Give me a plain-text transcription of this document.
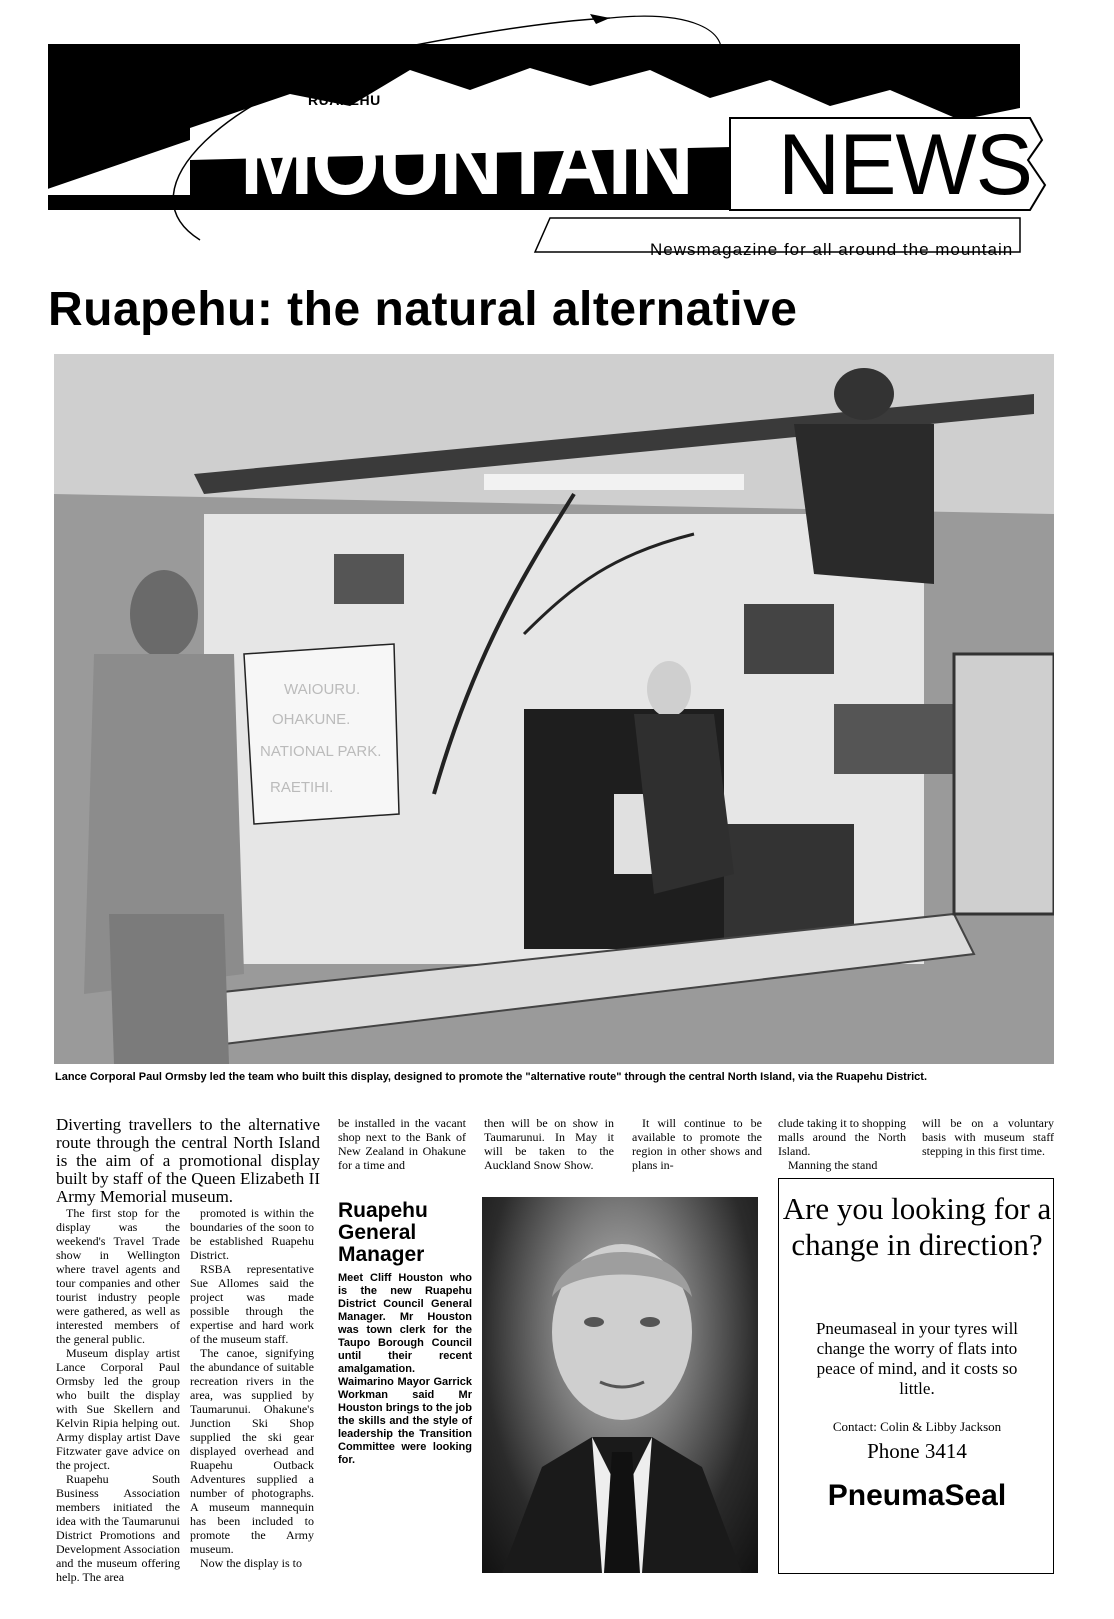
RUAPEHU
MOUNTAIN NEWS
Newsmagazine for all around the mountain
Ruapehu: the natural alternative
WAIOURU.
OHAKUNE.
NATIONAL PARK.
RAETIHI.
Lance Corporal Paul Ormsby led the team who built this display, designed to promote the "alternative route" through the central North Island, via the Ruapehu District.
Diverting travellers to the alternative route through the central North Island is the aim of a promotional display built by staff of the Queen Elizabeth II Army Memorial museum.

The first stop for the display was the weekend's Travel Trade show in Wellington where travel agents and tour companies and other tourist industry people were gathered, as well as interested members of the general public.

Museum display artist Lance Corporal Paul Ormsby led the group who built the display with Sue Skellern and Kelvin Ripia helping out. Army display artist Dave Fitzwater gave advice on the project.

Ruapehu South Business Association members initiated the idea with the Taumarunui District Promotions and Development Association and the museum offering help. The area

promoted is within the boundaries of the soon to be established Ruapehu District.

RSBA representative Sue Allomes said the project was made possible through the expertise and hard work of the museum staff.

The canoe, signifying the abundance of suitable recreation rivers in the area, was supplied by Taumarunui. Ohakune's Junction Ski Shop supplied the ski gear displayed overhead and Ruapehu Outback Adventures supplied a number of photographs. A museum mannequin has been included to promote the Army museum.

Now the display is to

be installed in the vacant shop next to the Bank of New Zealand in Ohakune for a time and

then will be on show in Taumarunui. In May it will be taken to the Auckland Snow Show.

It will continue to be available to promote the region in other shows and plans in-

clude taking it to shopping malls around the North Island.

Manning the stand

will be on a voluntary basis with museum staff stepping in this first time.

Ruapehu General Manager
Meet Cliff Houston who is the new Ruapehu District Council General Manager. Mr Houston was town clerk for the Taupo Borough Council until their recent amalgamation. Waimarino Mayor Garrick Workman said Mr Houston brings to the job the skills and the style of leadership the Transition Committee were looking for.
Are you looking for a change in direction?
Pneumaseal in your tyres will change the worry of flats into peace of mind, and it costs so little.
Contact: Colin & Libby Jackson
Phone 3414
PneumaSeal
